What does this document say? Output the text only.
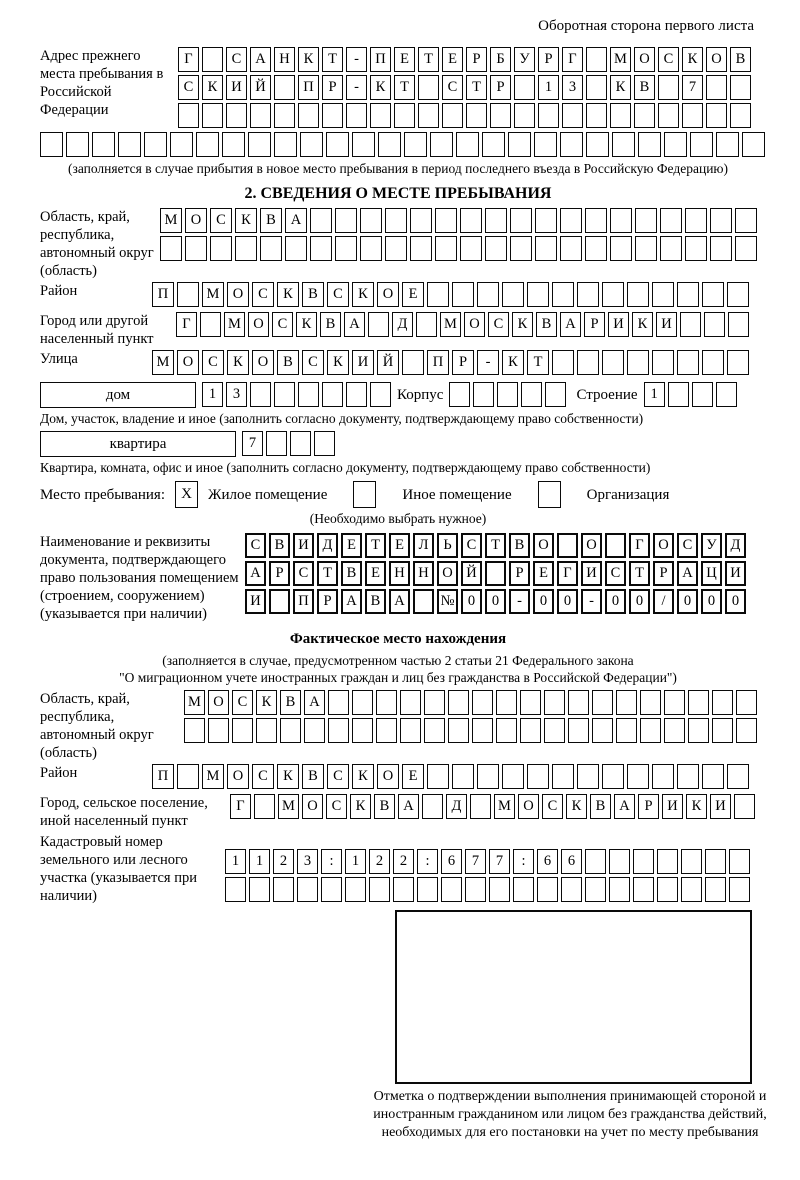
Оборотная сторона первого листа
Адрес прежнего места пребывания в Российской Федерации
Г	С А Н К	Т	-	П Е	Т	Е	Р	Б	У	Р	Г	М О С К О В
С К И Й	П	Р	-	К	Т	С	Т	Р	1	3	К В	7
(заполняется в случае прибытия в новое место пребывания в период последнего въезда в Российскую Федерацию)
2. СВЕДЕНИЯ О МЕСТЕ ПРЕБЫВАНИЯ
Область, край, республика, автономный округ (область)
М О	С	К	В	А
Район	П	М О	С	К	В	С	К	О	Е
Город или другой населенный пункт
Г	М О С К В А	Д	М О С К В А	Р	И К И
Улица	М О	С	К	О	В	С	К	И	Й	П	Р	-	К	Т
дом	1	3	Корпус	Строение 1
Дом, участок, владение и иное (заполнить согласно документу, подтверждающему право собственности)
квартира	7
Квартира, комната, офис и иное (заполнить согласно документу, подтверждающему право собственности)
Место пребывания:	X	Жилое помещение	Иное помещение	Организация
(Необходимо выбрать нужное)
Наименование и реквизиты документа, подтверждающего право пользования помещением (строением, сооружением) (указывается при наличии)
С В И Д	Е	Т	Е	Л	Ь	С	Т	В О	О	Г	О С У Д
А	Р	С	Т	В	Е Н Н О Й	Р	Е	Г	И С	Т	Р	А Ц И
И	П	Р	А В А	№ 0	0	-	0	0	-	0	0	/	0	0	0
Фактическое место нахождения
(заполняется в случае, предусмотренном частью 2 статьи 21 Федерального закона
"О миграционном учете иностранных граждан и лиц без гражданства в Российской Федерации")
Область, край, республика, автономный округ (область)
М О С К В А
Район	П	М О	С	К	В	С	К	О	Е
Город, сельское поселение, иной населенный пункт
Г	М О С К В А	Д	М О С К В А	Р	И К И
Кадастровый номер земельного или лесного участка (указывается при наличии)
1	1	2	3	:	1	2	2	:	6	7	7	:	6	6
Отметка о подтверждении выполнения принимающей стороной и иностранным гражданином или лицом без гражданства действий, необходимых для его постановки на учет по месту пребывания
